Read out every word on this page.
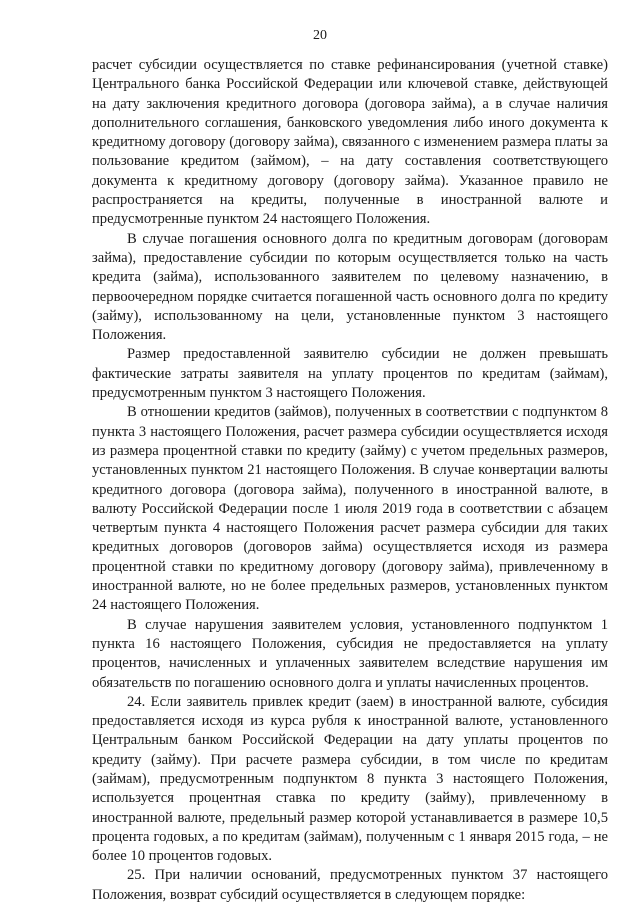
20

расчет субсидии осуществляется по ставке рефинансирования (учетной ставке) Центрального банка Российской Федерации или ключевой ставке, действующей на дату заключения кредитного договора (договора займа), а в случае наличия дополнительного соглашения, банковского уведомления либо иного документа к кредитному договору (договору займа), связанного с изменением размера платы за пользование кредитом (займом), – на дату составления соответствующего документа к кредитному договору (договору займа). Указанное правило не распространяется на кредиты, полученные в иностранной валюте и предусмотренные пунктом 24 настоящего Положения.

В случае погашения основного долга по кредитным договорам (договорам займа), предоставление субсидии по которым осуществляется только на часть кредита (займа), использованного заявителем по целевому назначению, в первоочередном порядке считается погашенной часть основного долга по кредиту (займу), использованному на цели, установленные пунктом 3 настоящего Положения.

Размер предоставленной заявителю субсидии не должен превышать фактические затраты заявителя на уплату процентов по кредитам (займам), предусмотренным пунктом 3 настоящего Положения.

В отношении кредитов (займов), полученных в соответствии с подпунктом 8 пункта 3 настоящего Положения, расчет размера субсидии осуществляется исходя из размера процентной ставки по кредиту (займу) с учетом предельных размеров, установленных пунктом 21 настоящего Положения. В случае конвертации валюты кредитного договора (договора займа), полученного в иностранной валюте, в валюту Российской Федерации после 1 июля 2019 года в соответствии с абзацем четвертым пункта 4 настоящего Положения расчет размера субсидии для таких кредитных договоров (договоров займа) осуществляется исходя из размера процентной ставки по кредитному договору (договору займа), привлеченному в иностранной валюте, но не более предельных размеров, установленных пунктом 24 настоящего Положения.

В случае нарушения заявителем условия, установленного подпунктом 1 пункта 16 настоящего Положения, субсидия не предоставляется на уплату процентов, начисленных и уплаченных заявителем вследствие нарушения им обязательств по погашению основного долга и уплаты начисленных процентов.

24. Если заявитель привлек кредит (заем) в иностранной валюте, субсидия предоставляется исходя из курса рубля к иностранной валюте, установленного Центральным банком Российской Федерации на дату уплаты процентов по кредиту (займу). При расчете размера субсидии, в том числе по кредитам (займам), предусмотренным подпунктом 8 пункта 3 настоящего Положения, используется процентная ставка по кредиту (займу), привлеченному в иностранной валюте, предельный размер которой устанавливается в размере 10,5 процента годовых, а по кредитам (займам), полученным с 1 января 2015 года, – не более 10 процентов годовых.

25. При наличии оснований, предусмотренных пунктом 37 настоящего Положения, возврат субсидий осуществляется в следующем порядке:
